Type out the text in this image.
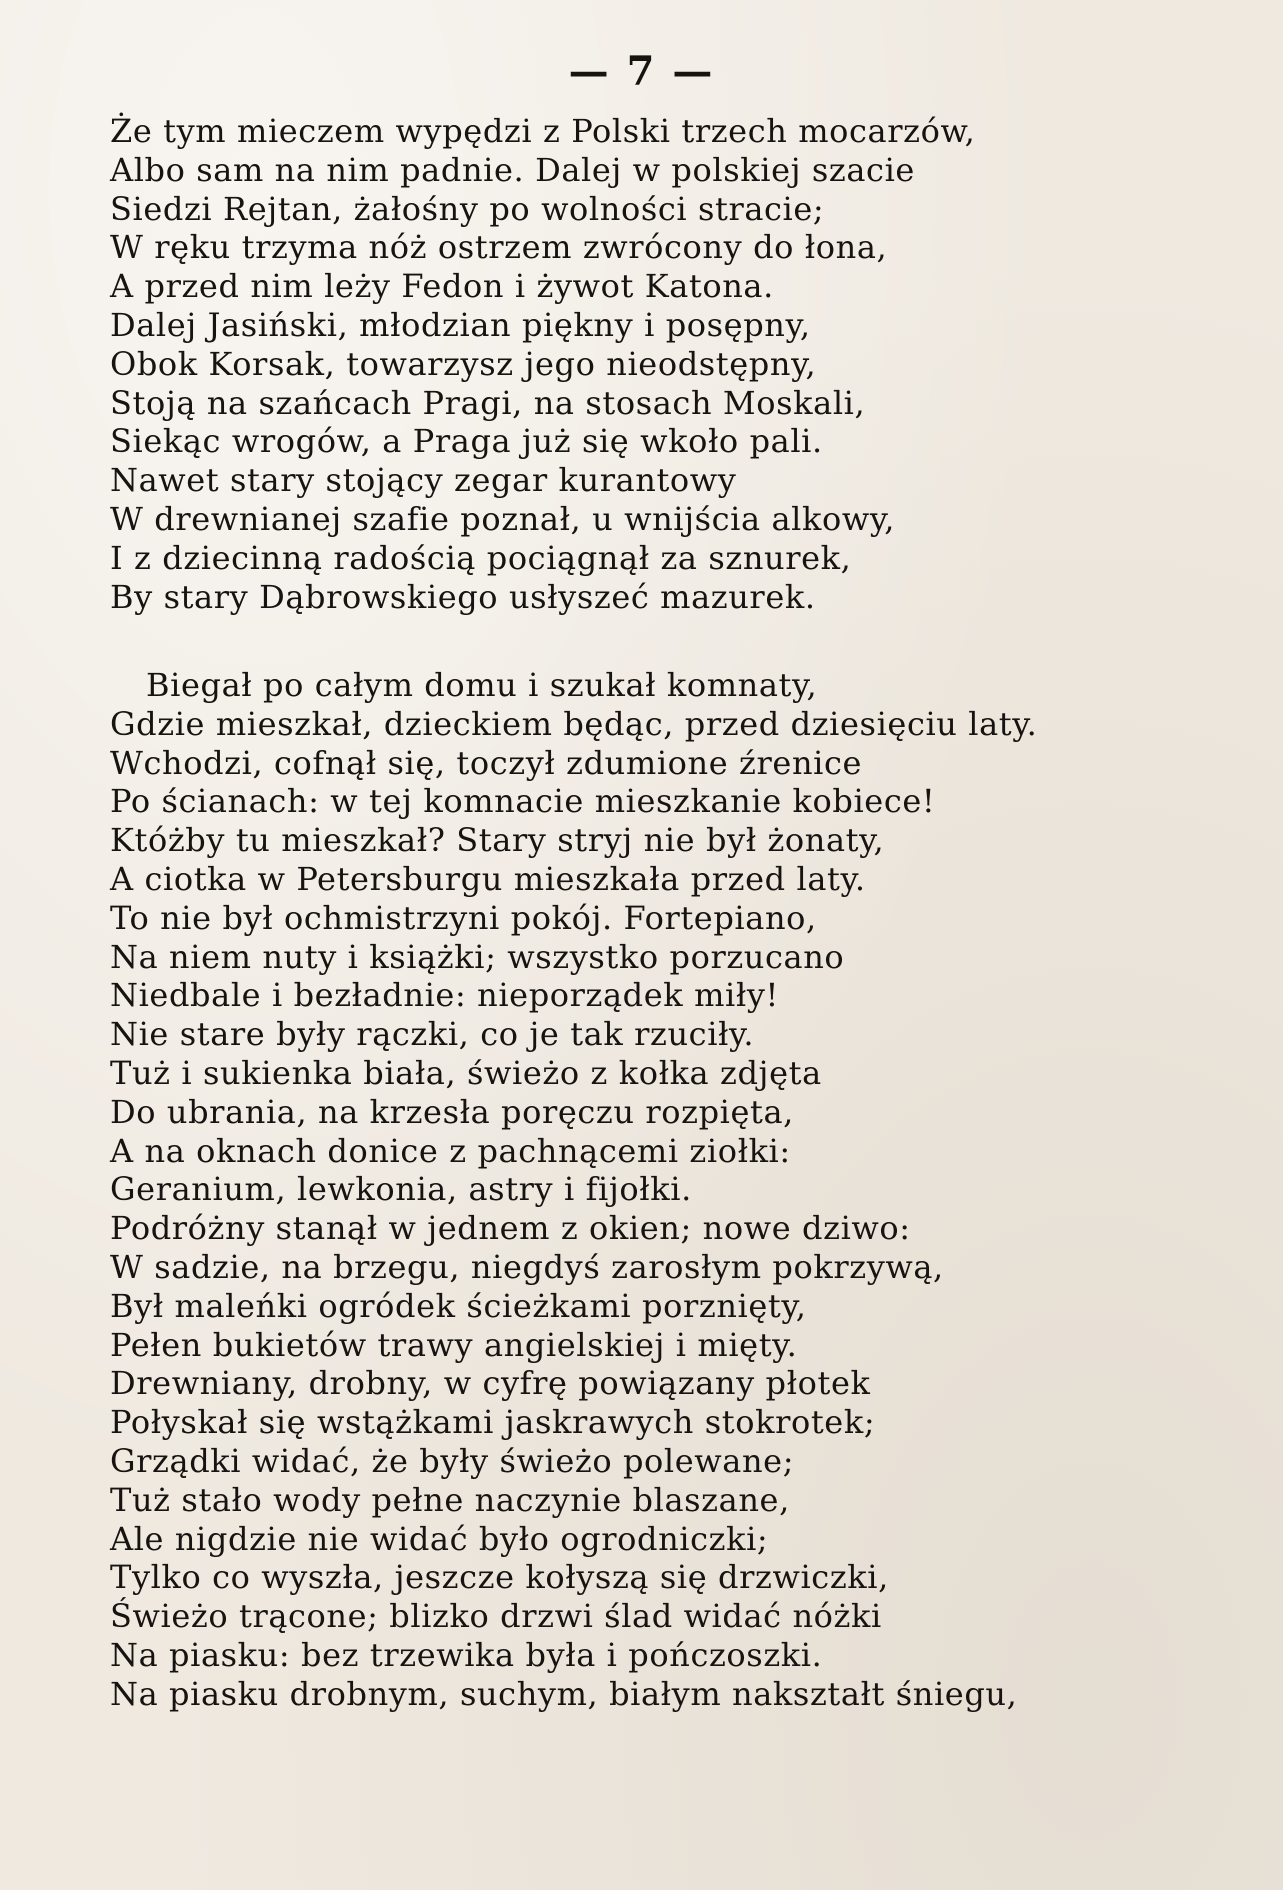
— 7 —
Że tym mieczem wypędzi z Polski trzech mocarzów,
Albo sam na nim padnie. Dalej w polskiej szacie
Siedzi Rejtan, żałośny po wolności stracie;
W ręku trzyma nóż ostrzem zwrócony do łona,
A przed nim leży Fedon i żywot Katona.
Dalej Jasiński, młodzian piękny i posępny,
Obok Korsak, towarzysz jego nieodstępny,
Stoją na szańcach Pragi, na stosach Moskali,
Siekąc wrogów, a Praga już się wkoło pali.
Nawet stary stojący zegar kurantowy
W drewnianej szafie poznał, u wnijścia alkowy,
I z dziecinną radością pociągnął za sznurek,
By stary Dąbrowskiego usłyszeć mazurek.
Biegał po całym domu i szukał komnaty,
Gdzie mieszkał, dzieckiem będąc, przed dziesięciu laty.
Wchodzi, cofnął się, toczył zdumione źrenice
Po ścianach: w tej komnacie mieszkanie kobiece!
Któżby tu mieszkał? Stary stryj nie był żonaty,
A ciotka w Petersburgu mieszkała przed laty.
To nie był ochmistrzyni pokój. Fortepiano,
Na niem nuty i książki; wszystko porzucano
Niedbale i bezładnie: nieporządek miły!
Nie stare były rączki, co je tak rzuciły.
Tuż i sukienka biała, świeżo z kołka zdjęta
Do ubrania, na krzesła poręczu rozpięta,
A na oknach donice z pachnącemi ziołki:
Geranium, lewkonia, astry i fijołki.
Podróżny stanął w jednem z okien; nowe dziwo:
W sadzie, na brzegu, niegdyś zarosłym pokrzywą,
Był maleńki ogródek ścieżkami porznięty,
Pełen bukietów trawy angielskiej i mięty.
Drewniany, drobny, w cyfrę powiązany płotek
Połyskał się wstążkami jaskrawych stokrotek;
Grządki widać, że były świeżo polewane;
Tuż stało wody pełne naczynie blaszane,
Ale nigdzie nie widać było ogrodniczki;
Tylko co wyszła, jeszcze kołyszą się drzwiczki,
Świeżo trącone; blizko drzwi ślad widać nóżki
Na piasku: bez trzewika była i pończoszki.
Na piasku drobnym, suchym, białym nakształt śniegu,
